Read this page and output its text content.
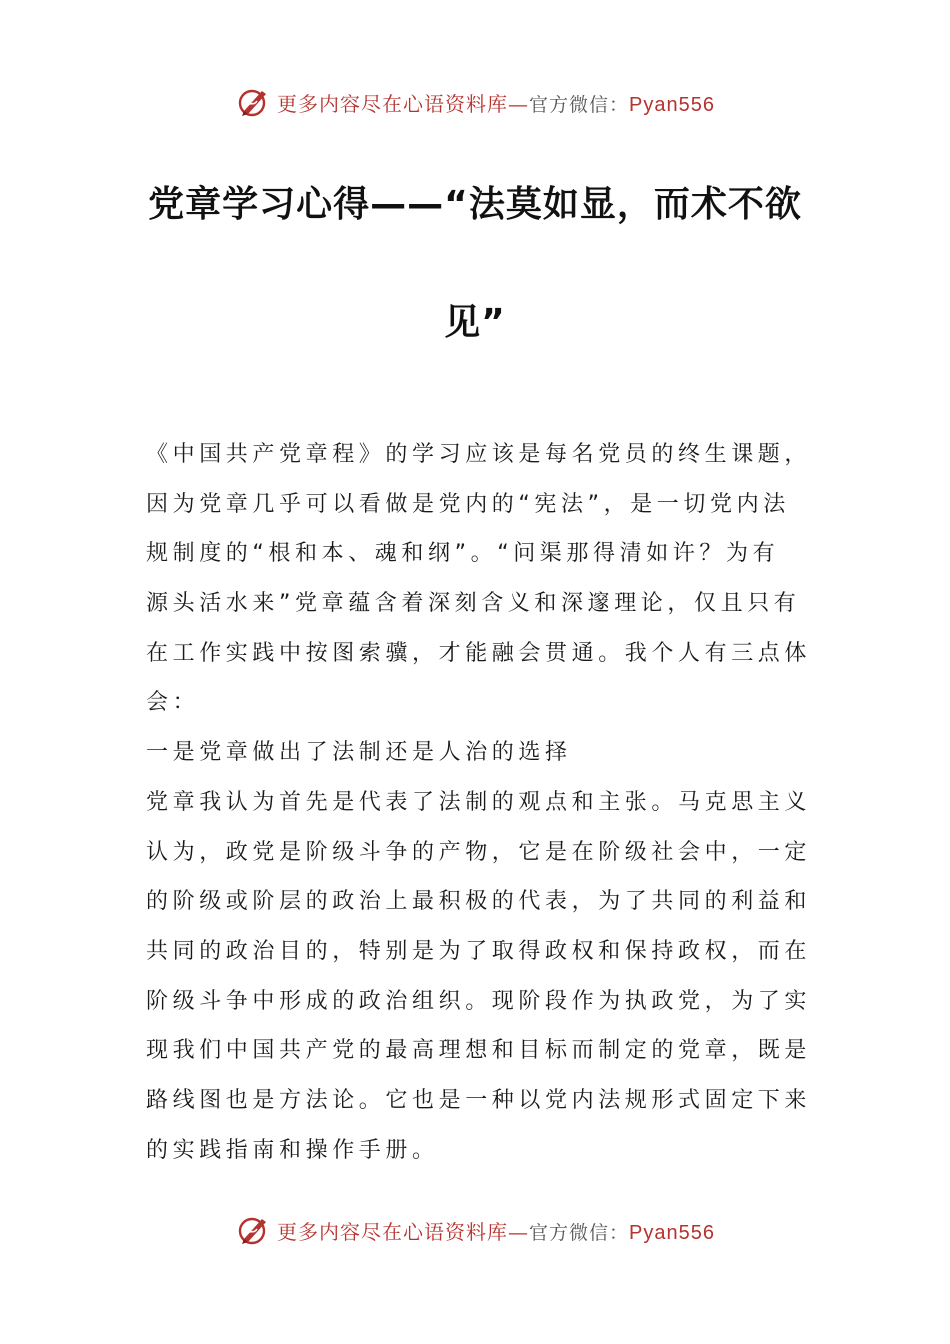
更多内容尽在心语资料库—官方微信：Pyan556
党章学习心得——“法莫如显，而术不欲
见”
《中国共产党章程》的学习应该是每名党员的终生课题，
因为党章几乎可以看做是党内的“宪法”，是一切党内法
规制度的“根和本、魂和纲”。“问渠那得清如许？为有
源头活水来”党章蕴含着深刻含义和深邃理论，仅且只有
在工作实践中按图索骥，才能融会贯通。我个人有三点体
会：
一是党章做出了法制还是人治的选择
党章我认为首先是代表了法制的观点和主张。马克思主义
认为，政党是阶级斗争的产物，它是在阶级社会中，一定
的阶级或阶层的政治上最积极的代表，为了共同的利益和
共同的政治目的，特别是为了取得政权和保持政权，而在
阶级斗争中形成的政治组织。现阶段作为执政党，为了实
现我们中国共产党的最高理想和目标而制定的党章，既是
路线图也是方法论。它也是一种以党内法规形式固定下来
的实践指南和操作手册。
更多内容尽在心语资料库—官方微信：Pyan556
